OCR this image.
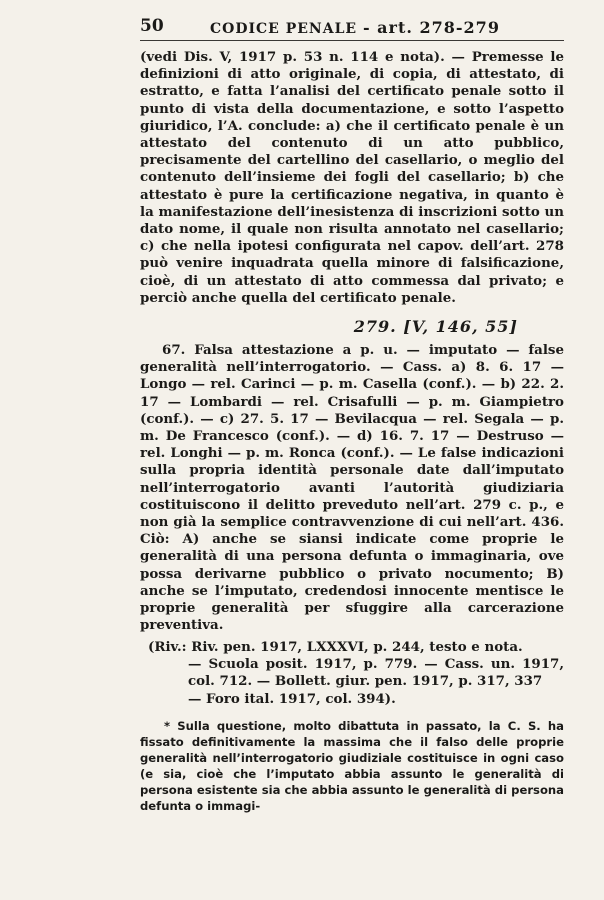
50	CODICE PENALE - art. 278-279

(vedi Dis. V, 1917 p. 53 n. 114 e nota). — Premesse le definizioni di atto originale, di copia, di attestato, di estratto, e fatta l’analisi del certificato penale sotto il punto di vista della documentazione, e sotto l’aspetto giuridico, l’A. conclude: a) che il certificato penale è un attestato del contenuto di un atto pubblico, precisamente del cartellino del casellario, o meglio del contenuto dell’insieme dei fogli del casellario; b) che attestato è pure la certificazione negativa, in quanto è la manifestazione dell’inesistenza di inscrizioni sotto un dato nome, il quale non risulta annotato nel casellario; c) che nella ipotesi configurata nel capov. dell’art. 278 può venire inquadrata quella minore di falsificazione, cioè, di un attestato di atto commessa dal privato; e perciò anche quella del certificato penale.

279. [V, 146, 55]

67. Falsa attestazione a p. u. — imputato — false generalità nell’interrogatorio. — Cass. a) 8. 6. 17 — Longo — rel. Carinci — p. m. Casella (conf.). — b) 22. 2. 17 — Lombardi — rel. Crisafulli — p. m. Giampietro (conf.). — c) 27. 5. 17 — Bevilacqua — rel. Segala — p. m. De Francesco (conf.). — d) 16. 7. 17 — Destruso — rel. Longhi — p. m. Ronca (conf.). — Le false indicazioni sulla propria identità personale date dall’imputato nell’interrogatorio avanti l’autorità giudiziaria costituiscono il delitto preveduto nell’art. 279 c. p., e non già la semplice contravvenzione di cui nell’art. 436. Ciò: A) anche se siansi indicate come proprie le generalità di una persona defunta o immaginaria, ove possa derivarne pubblico o privato nocumento; B) anche se l’imputato, credendosi innocente mentisce le proprie generalità per sfuggire alla carcerazione preventiva.

(Riv.: Riv. pen. 1917, LXXXVI, p. 244, testo e nota.
— Scuola posit. 1917, p. 779. — Cass. un. 1917, col. 712. — Bollett. giur. pen. 1917, p. 317, 337
— Foro ital. 1917, col. 394).
* Sulla questione, molto dibattuta in passato, la C. S. ha fissato definitivamente la massima che il falso delle proprie generalità nell’interrogatorio giudiziale costituisce in ogni caso (e sia, cioè che l’imputato abbia assunto le generalità di persona esistente sia che abbia assunto le generalità di persona defunta o immagi-
